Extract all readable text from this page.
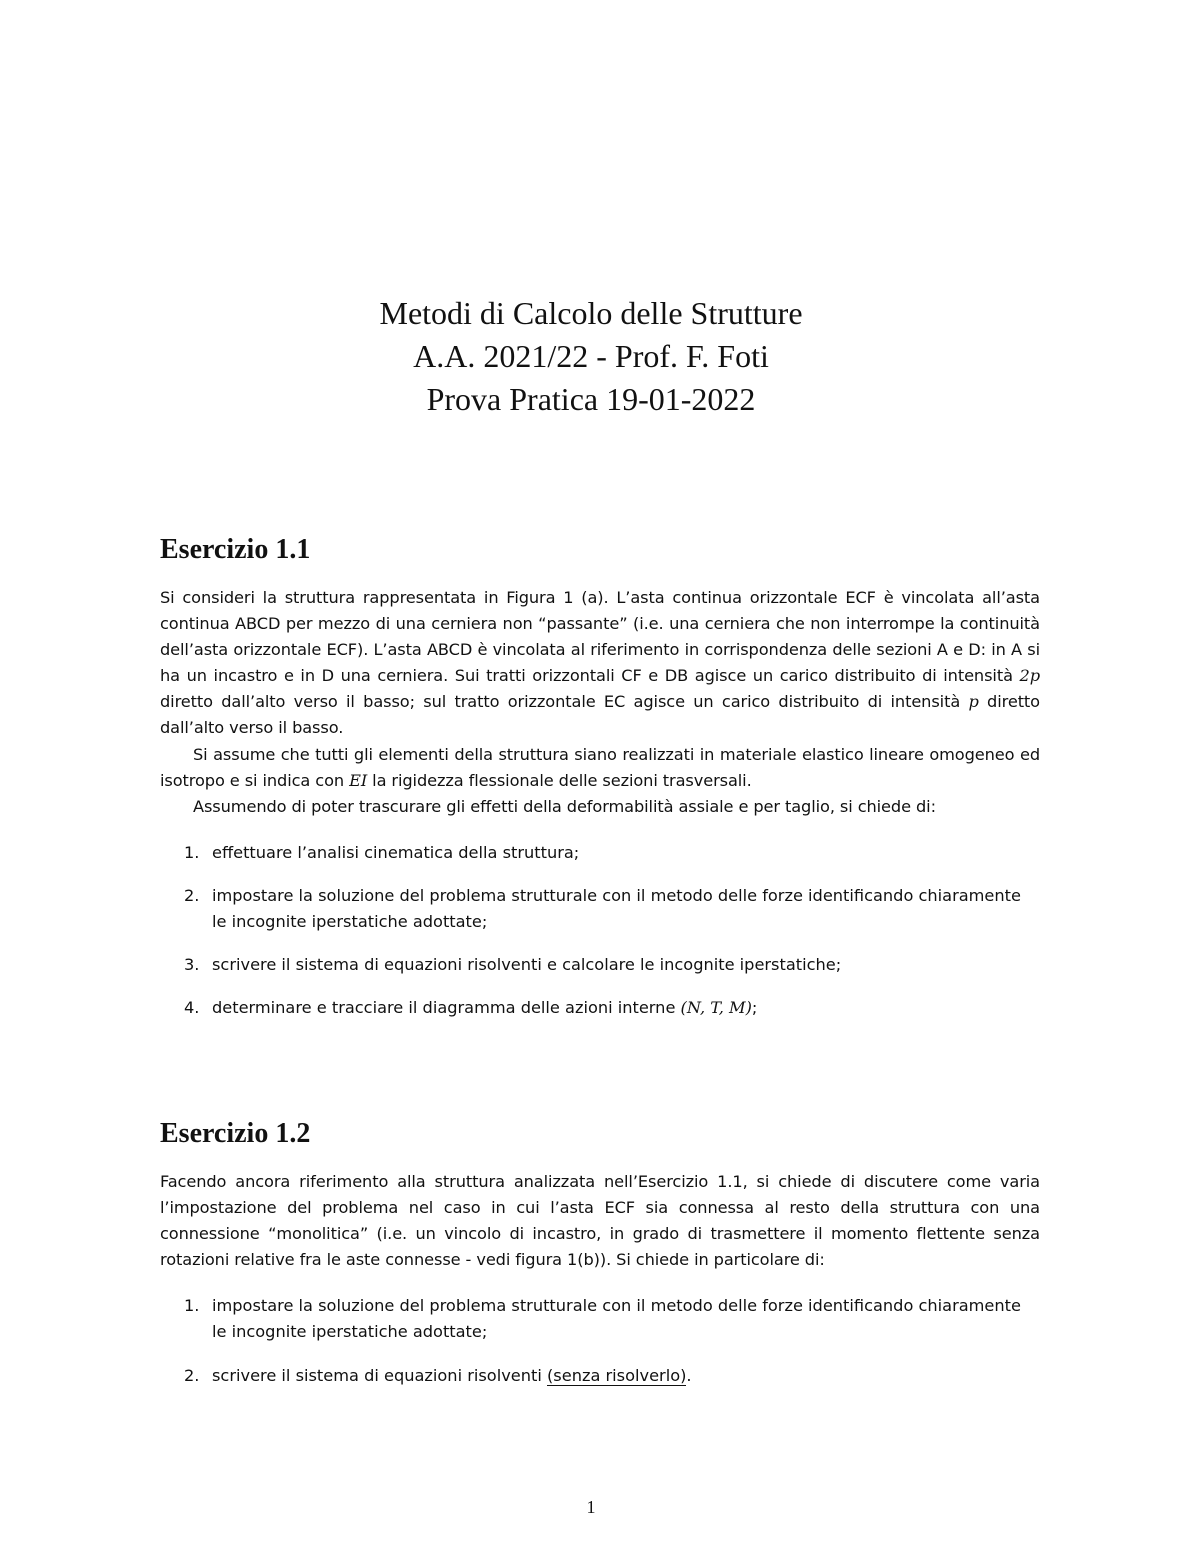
Metodi di Calcolo delle Strutture
A.A. 2021/22 - Prof. F. Foti
Prova Pratica 19-01-2022
Esercizio 1.1

Si consideri la struttura rappresentata in Figura 1 (a). L’asta continua orizzontale ECF è vincolata all’asta continua ABCD per mezzo di una cerniera non “passante” (i.e. una cerniera che non interrompe la continuità dell’asta orizzontale ECF). L’asta ABCD è vincolata al riferimento in corrispondenza delle sezioni A e D: in A si ha un incastro e in D una cerniera. Sui tratti orizzontali CF e DB agisce un carico distribuito di intensità 2p diretto dall’alto verso il basso; sul tratto orizzontale EC agisce un carico distribuito di intensità p diretto dall’alto verso il basso.

Si assume che tutti gli elementi della struttura siano realizzati in materiale elastico lineare omogeneo ed isotropo e si indica con EI la rigidezza flessionale delle sezioni trasversali.

Assumendo di poter trascurare gli effetti della deformabilità assiale e per taglio, si chiede di:

1. effettuare l’analisi cinematica della struttura;
2. impostare la soluzione del problema strutturale con il metodo delle forze identificando chiaramente le incognite iperstatiche adottate;
3. scrivere il sistema di equazioni risolventi e calcolare le incognite iperstatiche;
4. determinare e tracciare il diagramma delle azioni interne (N, T, M);
Esercizio 1.2

Facendo ancora riferimento alla struttura analizzata nell’Esercizio 1.1, si chiede di discutere come varia l’impostazione del problema nel caso in cui l’asta ECF sia connessa al resto della struttura con una connessione “monolitica” (i.e. un vincolo di incastro, in grado di trasmettere il momento flettente senza rotazioni relative fra le aste connesse - vedi figura 1(b)). Si chiede in particolare di:

1. impostare la soluzione del problema strutturale con il metodo delle forze identificando chiaramente le incognite iperstatiche adottate;
2. scrivere il sistema di equazioni risolventi (senza risolverlo).
1
